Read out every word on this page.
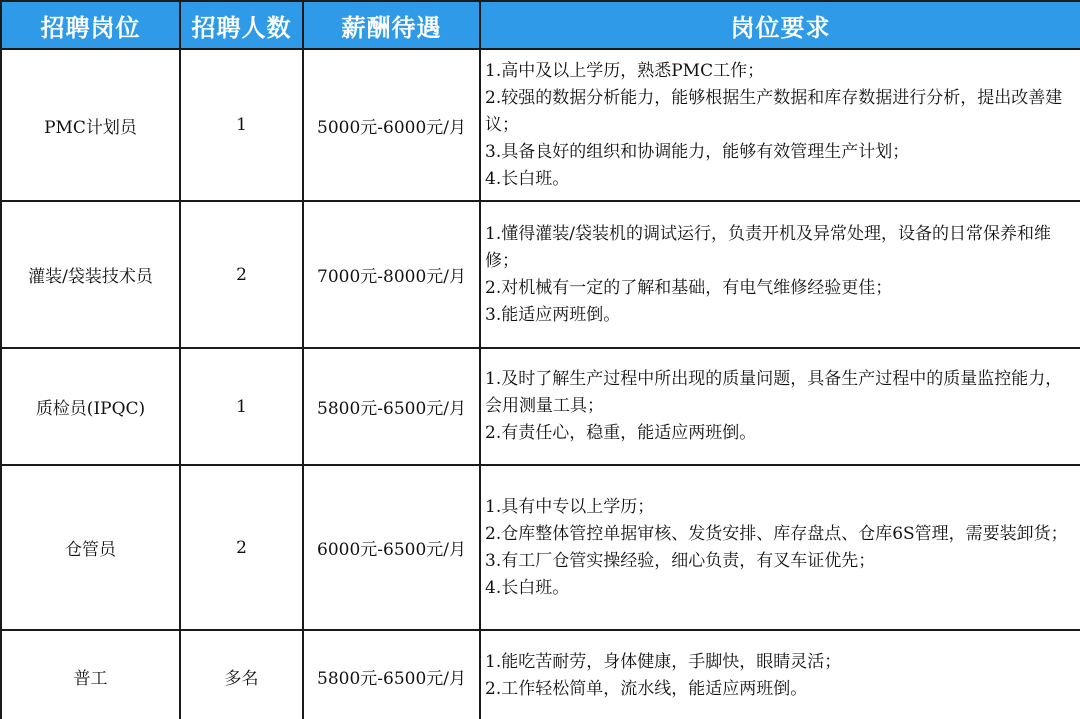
招聘岗位	招聘人数	薪酬待遇	岗位要求
PMC计划员	1	5000元-6000元/月	1.高中及以上学历，熟悉PMC工作；
2.较强的数据分析能力，能够根据生产数据和库存数据进行分析，提出改善建议；
3.具备良好的组织和协调能力，能够有效管理生产计划；
4.长白班。

灌装/袋装技术员	2	7000元-8000元/月	1.懂得灌装/袋装机的调试运行，负责开机及异常处理，设备的日常保养和维修；
2.对机械有一定的了解和基础，有电气维修经验更佳；
3.能适应两班倒。

质检员(IPQC)	1	5800元-6500元/月	1.及时了解生产过程中所出现的质量问题，具备生产过程中的质量监控能力，会用测量工具；
2.有责任心，稳重，能适应两班倒。

仓管员	2	6000元-6500元/月	1.具有中专以上学历；
2.仓库整体管控单据审核、发货安排、库存盘点、仓库6S管理，需要装卸货；
3.有工厂仓管实操经验，细心负责，有叉车证优先；
4.长白班。

普工	多名	5800元-6500元/月	1.能吃苦耐劳，身体健康，手脚快，眼睛灵活；
2.工作轻松简单，流水线，能适应两班倒。
